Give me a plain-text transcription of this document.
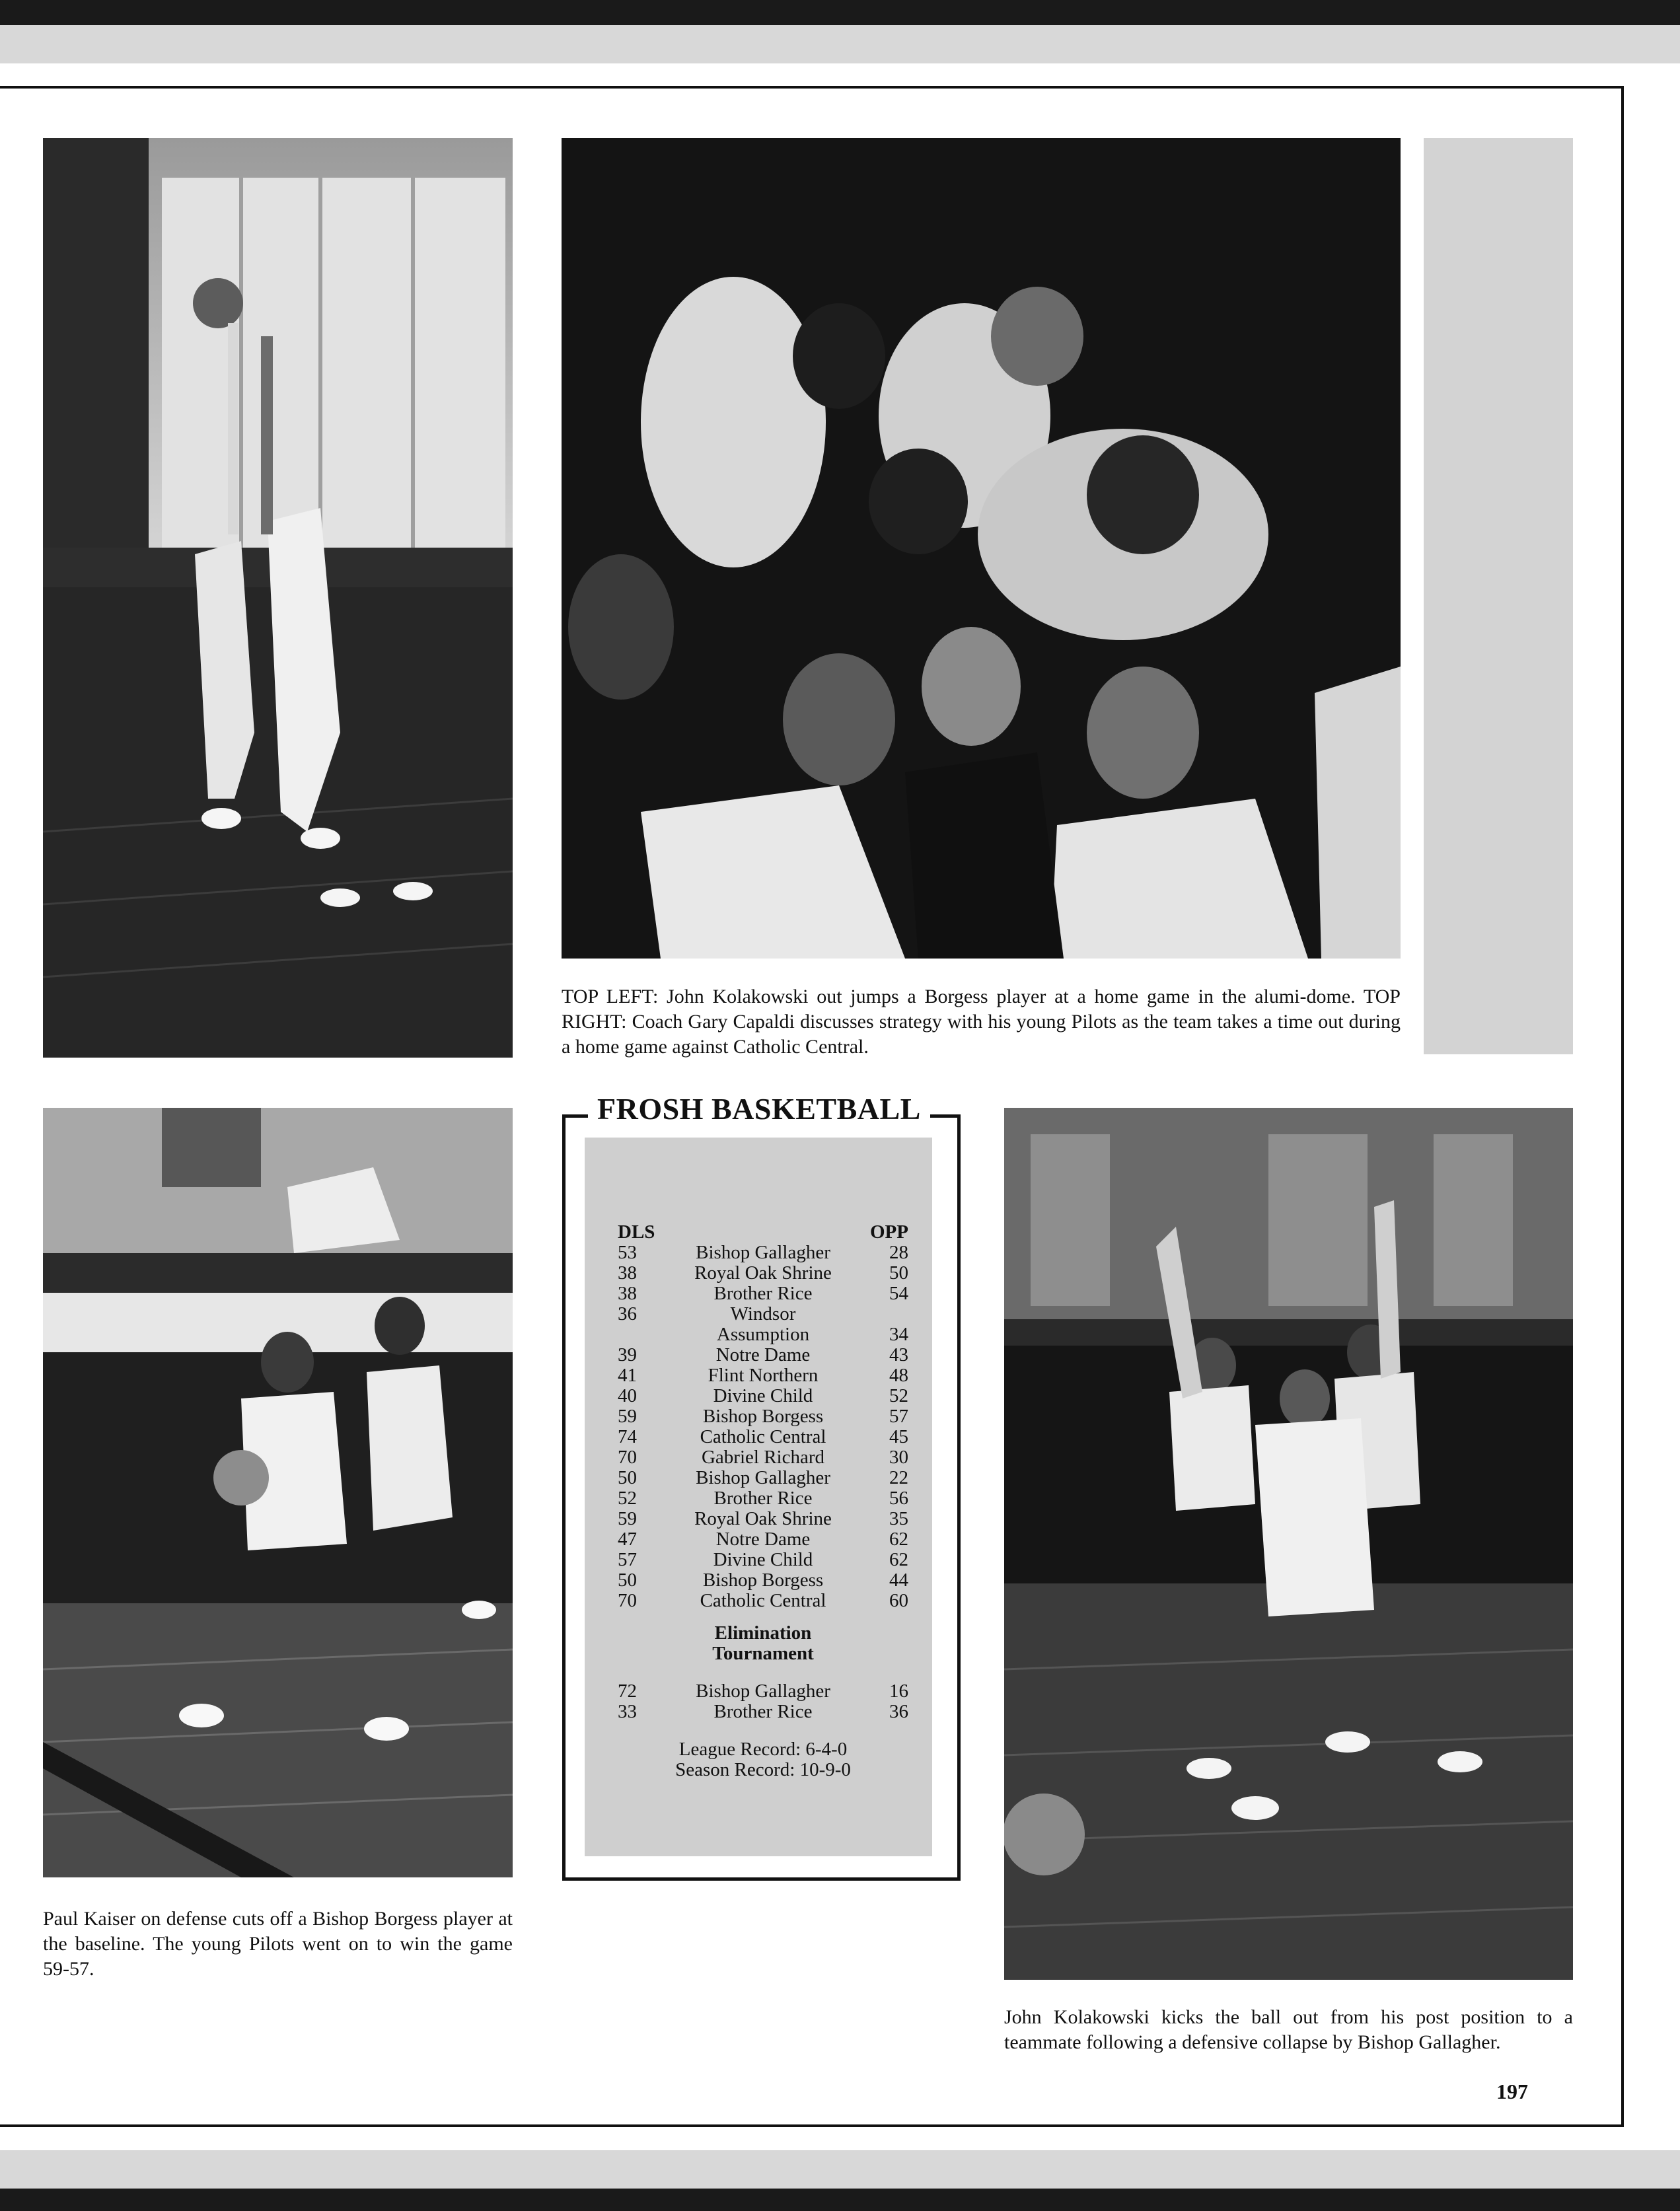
TOP LEFT: John Kolakowski out jumps a Borgess player at a home game in the alumi-dome. TOP RIGHT: Coach Gary Capaldi discusses strategy with his young Pilots as the team takes a time out during a home game against Catholic Central.
Paul Kaiser on defense cuts off a Bishop Borgess player at the baseline. The young Pilots went on to win the game 59-57.
FROSH BASKETBALL
DLS	OPP
53	Bishop Gallagher	28
38	Royal Oak Shrine	50
38	Brother Rice	54
36	Windsor
Assumption	34
39	Notre Dame	43
41	Flint Northern	48
40	Divine Child	52
59	Bishop Borgess	57
74	Catholic Central	45
70	Gabriel Richard	30
50	Bishop Gallagher	22
52	Brother Rice	56
59	Royal Oak Shrine	35
47	Notre Dame	62
57	Divine Child	62
50	Bishop Borgess	44
70	Catholic Central	60
Elimination
Tournament
72	Bishop Gallagher	16
33	Brother Rice	36
League Record: 6-4-0
Season Record: 10-9-0
John Kolakowski kicks the ball out from his post position to a teammate following a defensive collapse by Bishop Gallagher.
197
